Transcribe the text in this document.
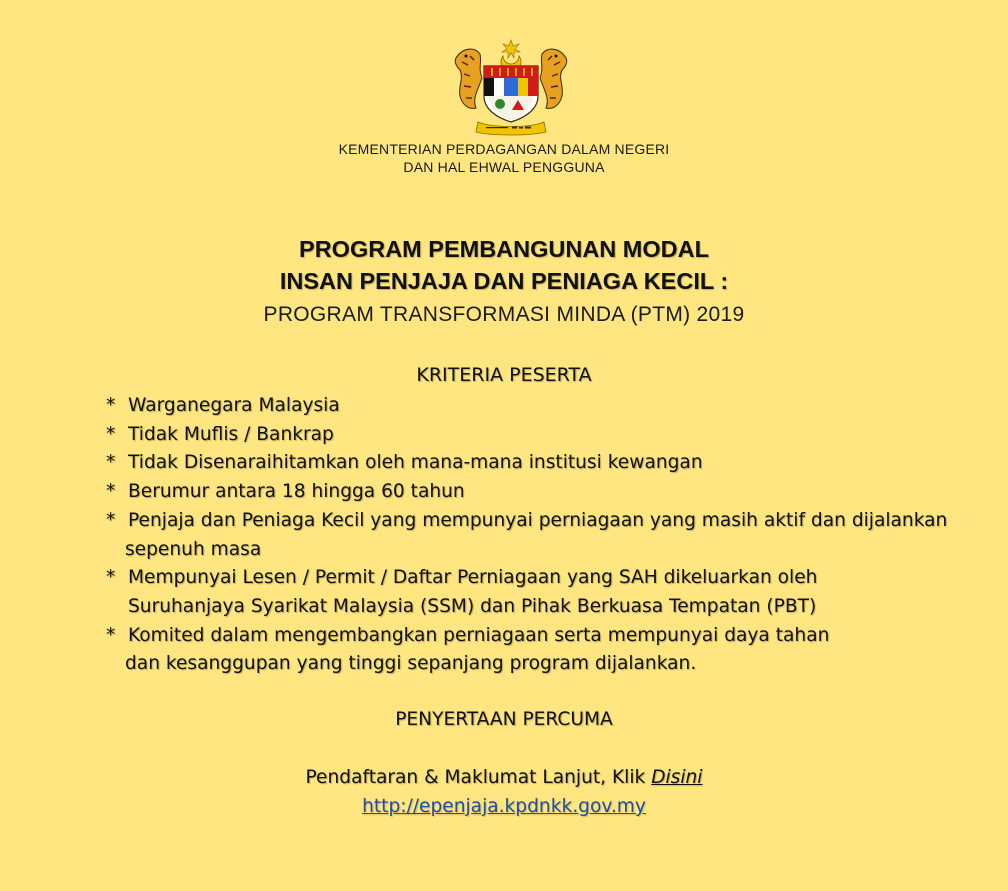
KEMENTERIAN PERDAGANGAN DALAM NEGERI
DAN HAL EHWAL PENGGUNA
PROGRAM PEMBANGUNAN MODAL
INSAN PENJAJA DAN PENIAGA KECIL :
PROGRAM TRANSFORMASI MINDA (PTM) 2019
KRITERIA PESERTA
* Warganegara Malaysia
* Tidak Muflis / Bankrap
* Tidak Disenaraihitamkan oleh mana-mana institusi kewangan
* Berumur antara 18 hingga 60 tahun
* Penjaja dan Peniaga Kecil yang mempunyai perniagaan yang masih aktif dan dijalankan
sepenuh masa
* Mempunyai Lesen / Permit / Daftar Perniagaan yang SAH dikeluarkan oleh
Suruhanjaya Syarikat Malaysia (SSM) dan Pihak Berkuasa Tempatan (PBT)
* Komited dalam mengembangkan perniagaan serta mempunyai daya tahan
dan kesanggupan yang tinggi sepanjang program dijalankan.
PENYERTAAN PERCUMA
Pendaftaran & Maklumat Lanjut, Klik Disini
http://epenjaja.kpdnkk.gov.my
